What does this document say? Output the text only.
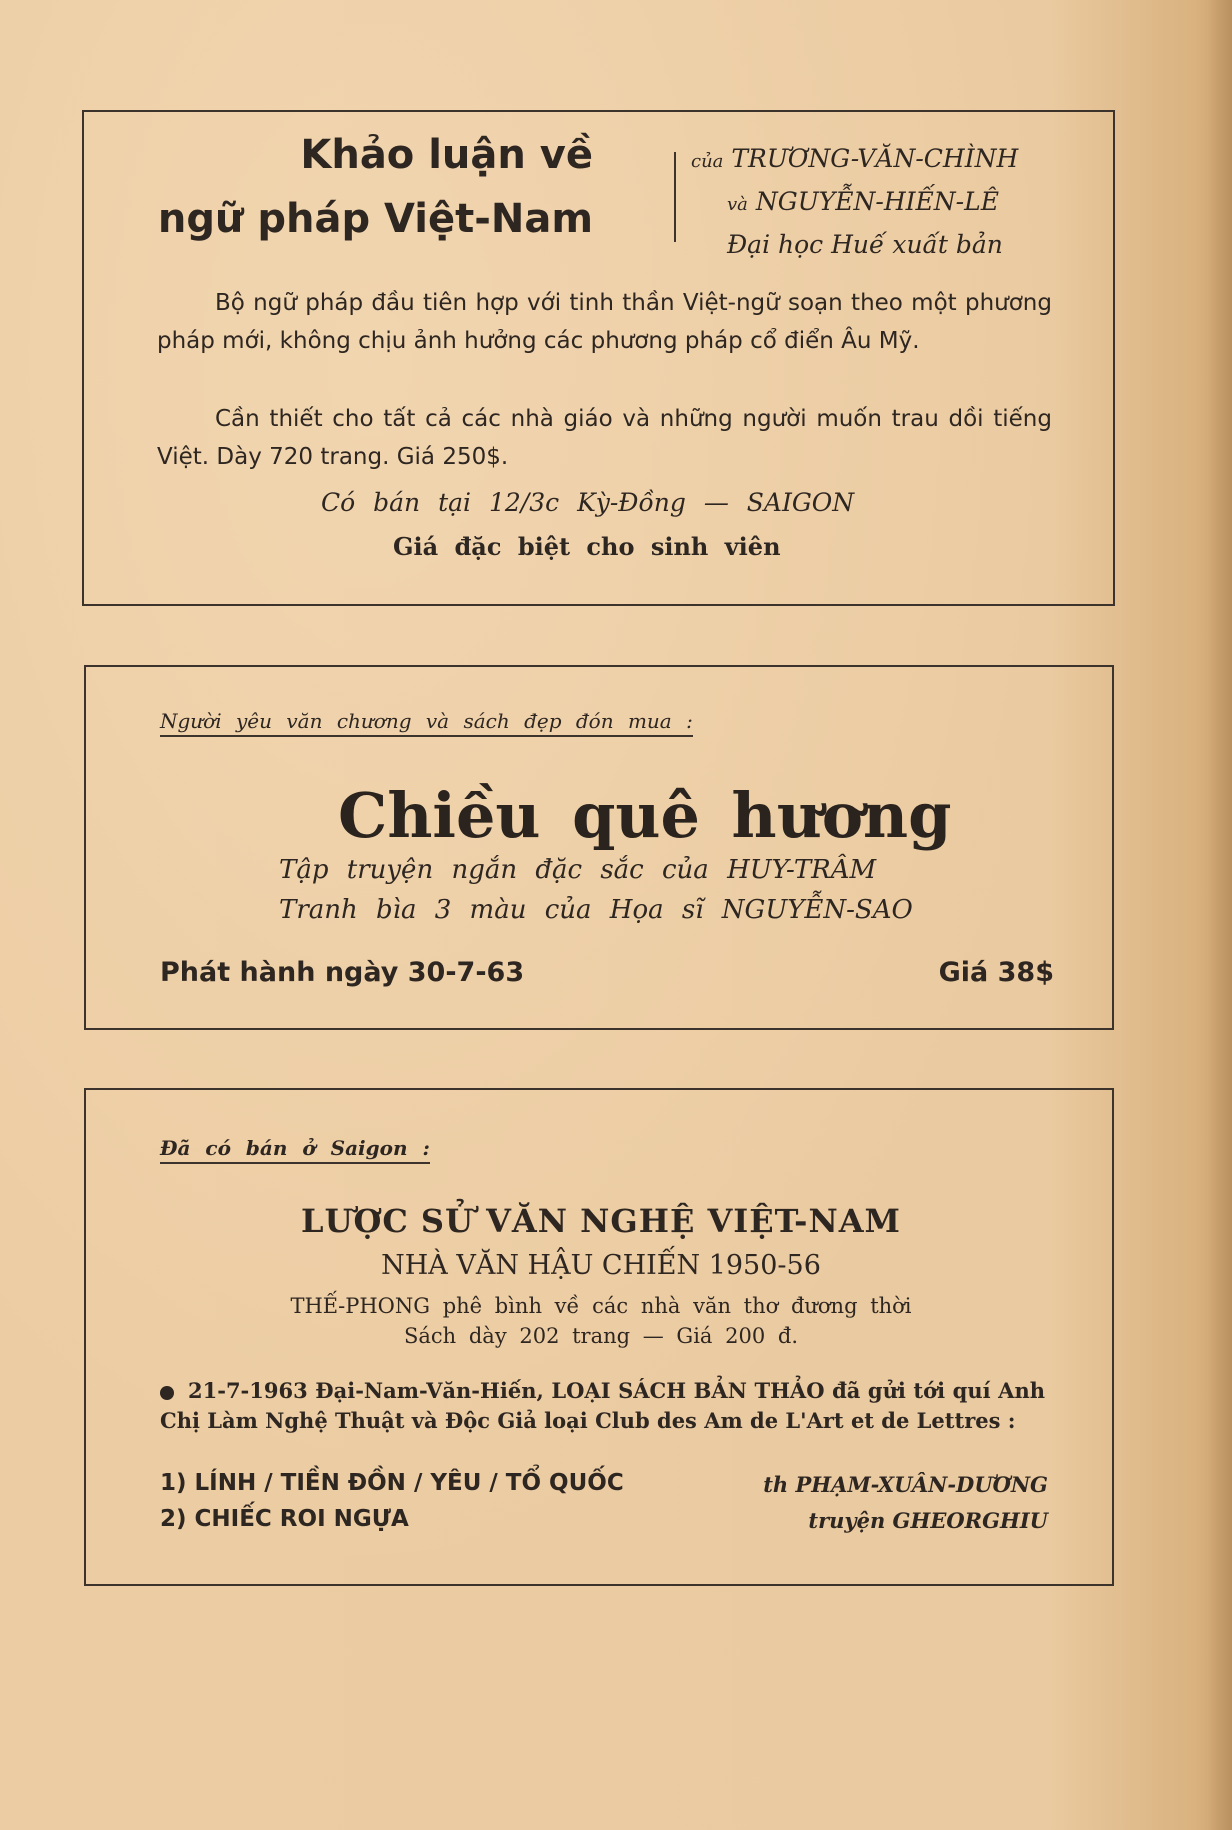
Khảo luận về
ngữ pháp Việt-Nam
của TRƯƠNG-VĂN-CHÌNH
và NGUYỄN-HIẾN-LÊ
Đại học Huế xuất bản
Bộ ngữ pháp đầu tiên hợp với tinh thần Việt-ngữ soạn theo một phương pháp mới, không chịu ảnh hưởng các phương pháp cổ điển Âu Mỹ.
Cần thiết cho tất cả các nhà giáo và những người muốn trau dồi tiếng Việt. Dày 720 trang. Giá 250$.
Có bán tại 12/3c Kỳ-Đồng — SAIGON
Giá đặc biệt cho sinh viên
Người yêu văn chương và sách đẹp đón mua :
Chiều quê hương
Tập truyện ngắn đặc sắc của HUY-TRÂM
Tranh bìa 3 màu của Họa sĩ NGUYỄN-SAO
Phát hành ngày 30-7-63	Giá 38$
Đã có bán ở Saigon :
LƯỢC SỬ VĂN NGHỆ VIỆT-NAM
NHÀ VĂN HẬU CHIẾN 1950-56
THẾ-PHONG phê bình về các nhà văn thơ đương thời
Sách dày 202 trang — Giá 200 đ.
21-7-1963 Đại-Nam-Văn-Hiến, LOẠI SÁCH BẢN THẢO đã gửi tới quí Anh Chị Làm Nghệ Thuật và Độc Giả loại Club des Am de L'Art et de Lettres :
1) LÍNH / TIỀN ĐỒN / YÊU / TỔ QUỐC	th PHẠM-XUÂN-DƯƠNG
2) CHIẾC ROI NGỰA	truyện GHEORGHIU
